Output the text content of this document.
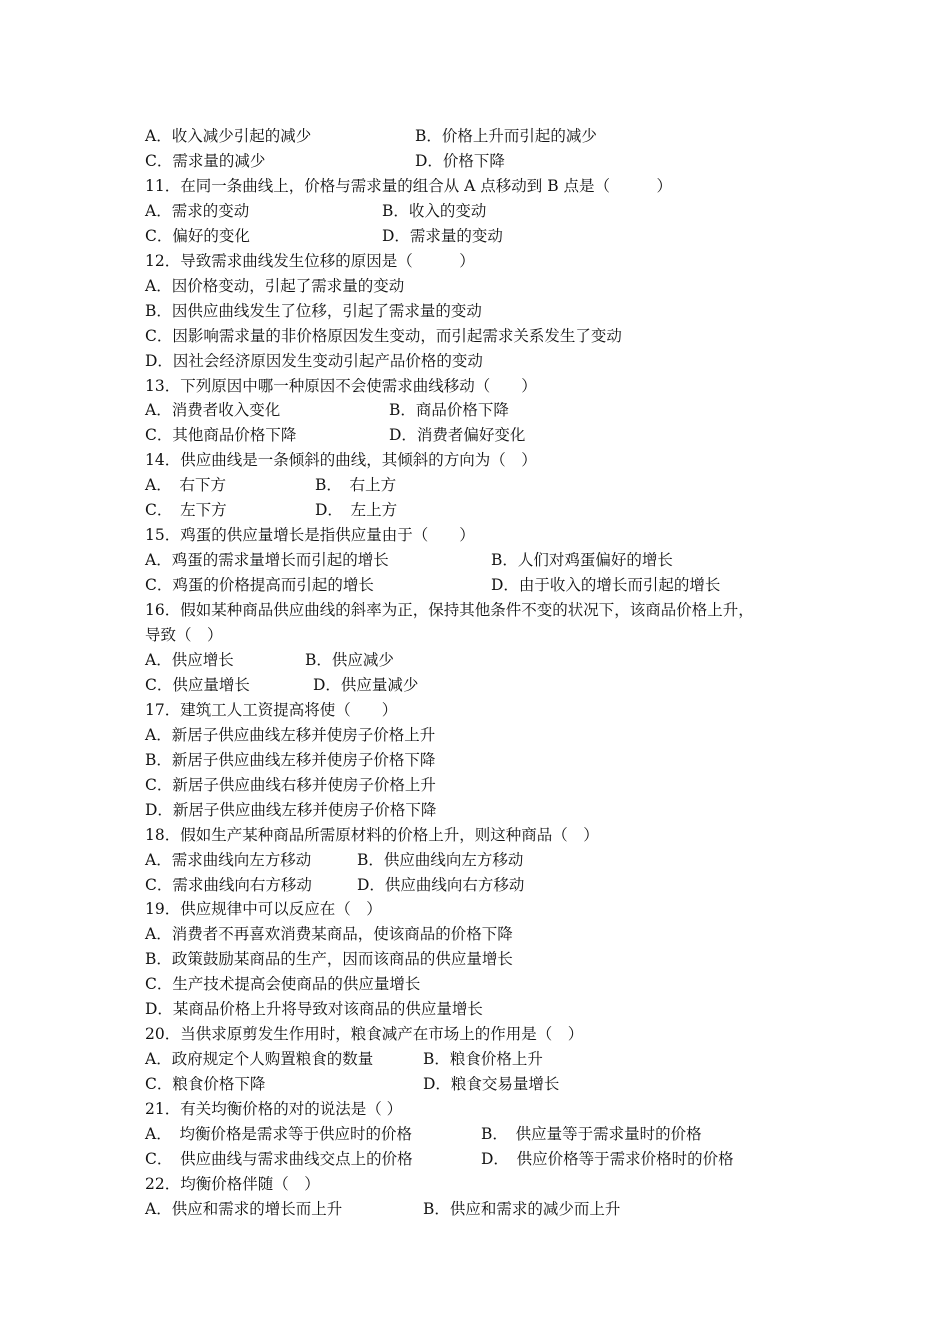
A．收入减少引起的减少	B．价格上升而引起的减少
C．需求量的减少	D．价格下降
11．在同一条曲线上，价格与需求量的组合从 A 点移动到 B 点是（　　　）
A．需求的变动	B．收入的变动
C．偏好的变化	D．需求量的变动
12．导致需求曲线发生位移的原因是（　　　）
A．因价格变动，引起了需求量的变动
B．因供应曲线发生了位移，引起了需求量的变动
C．因影响需求量的非价格原因发生变动，而引起需求关系发生了变动
D．因社会经济原因发生变动引起产品价格的变动
13．下列原因中哪一种原因不会使需求曲线移动（　　）
A．消费者收入变化	B．商品价格下降
C．其他商品价格下降	D．消费者偏好变化
14．供应曲线是一条倾斜的曲线，其倾斜的方向为（　）
A．　右下方	B．　右上方
C．　左下方	D．　左上方
15．鸡蛋的供应量增长是指供应量由于（　　）
A．鸡蛋的需求量增长而引起的增长	B．人们对鸡蛋偏好的增长
C．鸡蛋的价格提高而引起的增长	D．由于收入的增长而引起的增长
16．假如某种商品供应曲线的斜率为正，保持其他条件不变的状况下，该商品价格上升，
导致（　）
A．供应增长	B．供应减少
C．供应量增长	D．供应量减少
17．建筑工人工资提高将使（　　）
A．新居子供应曲线左移并使房子价格上升
B．新居子供应曲线左移并使房子价格下降
C．新居子供应曲线右移并使房子价格上升
D．新居子供应曲线左移并使房子价格下降
18．假如生产某种商品所需原材料的价格上升，则这种商品（　）
A．需求曲线向左方移动	B．供应曲线向左方移动
C．需求曲线向右方移动	D．供应曲线向右方移动
19．供应规律中可以反应在（　）
A．消费者不再喜欢消费某商品，使该商品的价格下降
B．政策鼓励某商品的生产，因而该商品的供应量增长
C．生产技术提高会使商品的供应量增长
D．某商品价格上升将导致对该商品的供应量增长
20．当供求原剪发生作用时，粮食减产在市场上的作用是（　）
A．政府规定个人购置粮食的数量	B．粮食价格上升
C．粮食价格下降	D．粮食交易量增长
21．有关均衡价格的对的说法是（ ）
A．　均衡价格是需求等于供应时的价格	B．　供应量等于需求量时的价格
C．　供应曲线与需求曲线交点上的价格	D．　供应价格等于需求价格时的价格
22．均衡价格伴随（　）
A．供应和需求的增长而上升	B．供应和需求的减少而上升
